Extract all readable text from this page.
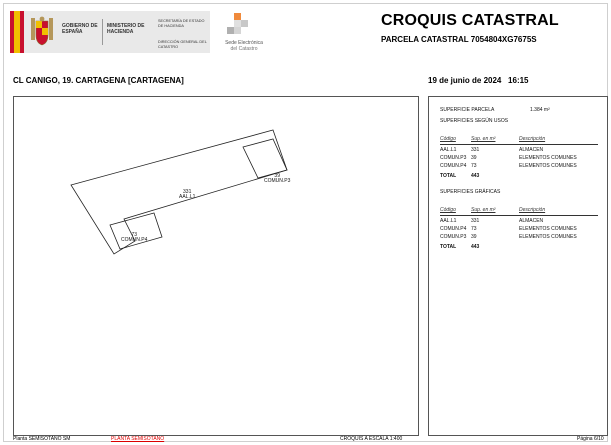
GOBIERNO DE ESPAÑA
MINISTERIO DE HACIENDA
SECRETARÍA DE ESTADO DE HACIENDA
DIRECCIÓN GENERAL DEL CATASTRO
Sede Electrónica
del Catastro
CROQUIS CATASTRAL
PARCELA CATASTRAL 7054804XG7675S
CL CANIGO, 19. CARTAGENA [CARTAGENA]	19 de junio de 2024 16:15
331
AAL.L1
39
COMUN.P3
73
COMUN.P4
SUPERFICIE PARCELA	1.384 m²
SUPERFICIES SEGÚN USOS
Código	Sup. en m²	Descripción
AAL.L1	331	ALMACEN
COMUN.P3 39	ELEMENTOS COMUNES
COMUN.P4 73	ELEMENTOS COMUNES
TOTAL	443
SUPERFICIES GRÁFICAS
Código	Sup. en m²	Descripción
AAL.L1	331	ALMACEN
COMUN.P4 73	ELEMENTOS COMUNES
COMUN.P3 39	ELEMENTOS COMUNES
TOTAL	443
Planta SEMISOTANO SM	PLANTA SEMISOTANO	CROQUIS A ESCALA 1:400	Página 6/10
